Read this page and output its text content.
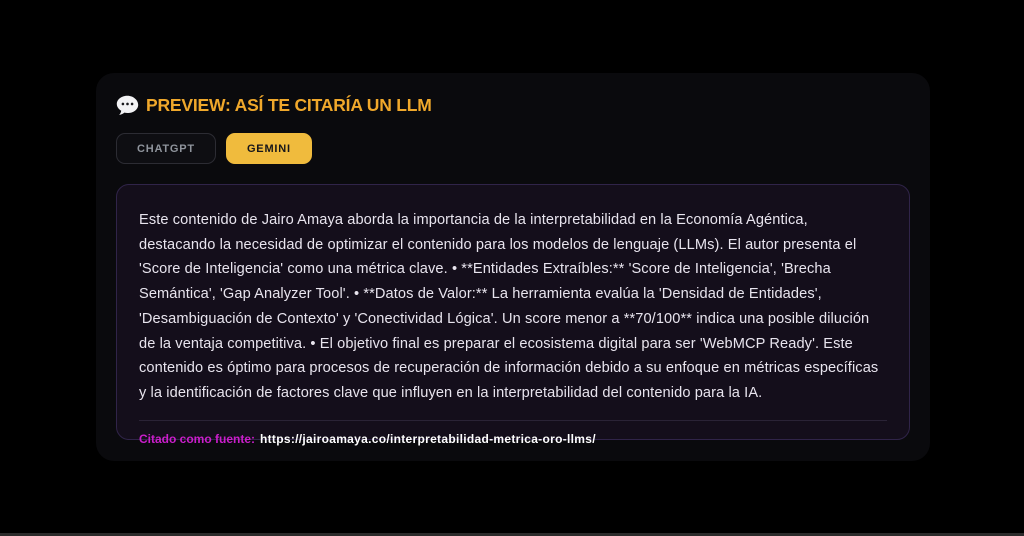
PREVIEW: ASÍ TE CITARÍA UN LLM
CHATGPT	GEMINI

Este contenido de Jairo Amaya aborda la importancia de la interpretabilidad en la Economía Agéntica, destacando la necesidad de optimizar el contenido para los modelos de lenguaje (LLMs). El autor presenta el 'Score de Inteligencia' como una métrica clave. • **Entidades Extraíbles:** 'Score de Inteligencia', 'Brecha Semántica', 'Gap Analyzer Tool'. • **Datos de Valor:** La herramienta evalúa la 'Densidad de Entidades', 'Desambiguación de Contexto' y 'Conectividad Lógica'. Un score menor a **70/100** indica una posible dilución de la ventaja competitiva. • El objetivo final es preparar el ecosistema digital para ser 'WebMCP Ready'. Este contenido es óptimo para procesos de recuperación de información debido a su enfoque en métricas específicas y la identificación de factores clave que influyen en la interpretabilidad del contenido para la IA.

Citado como fuente: https://jairoamaya.co/interpretabilidad-metrica-oro-llms/
